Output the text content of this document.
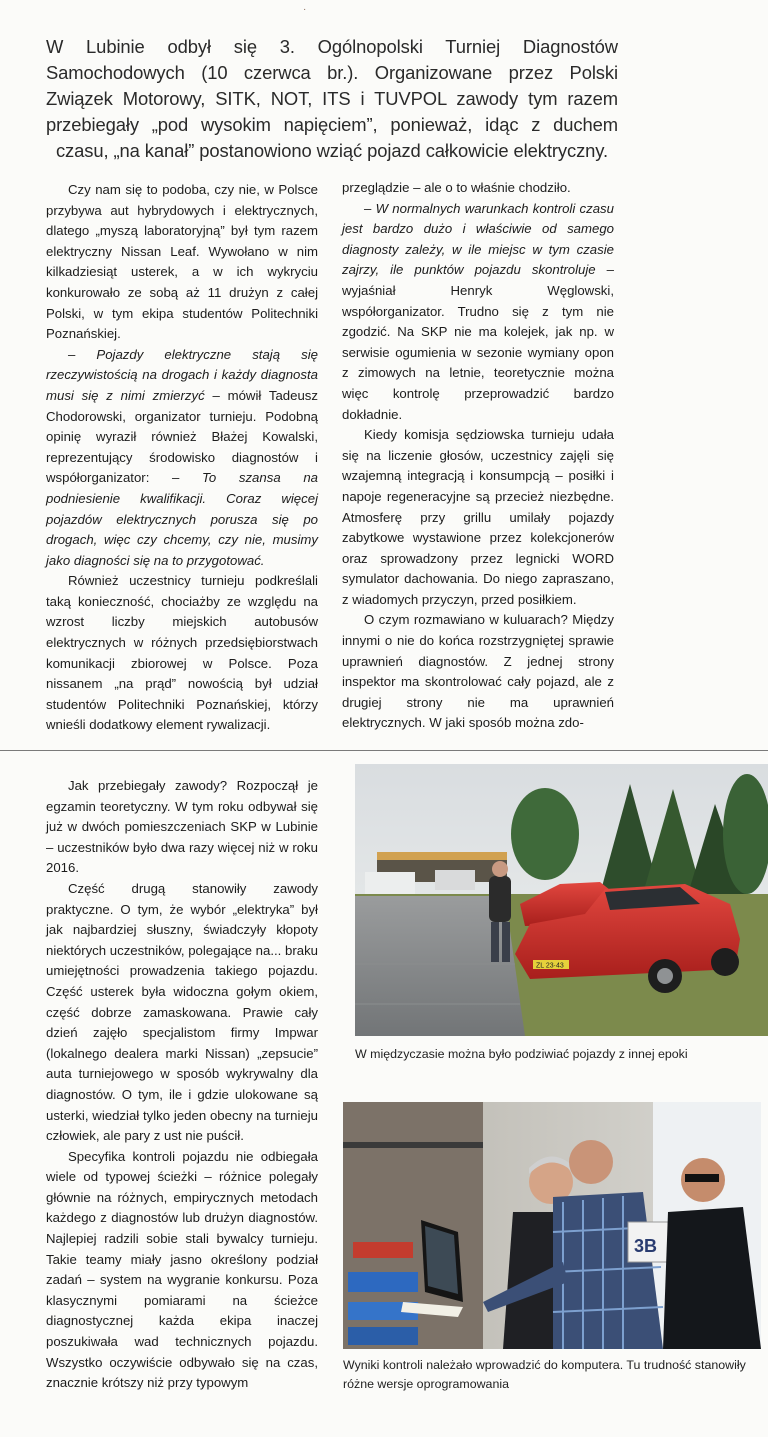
·
W Lubinie odbył się 3. Ogólnopolski Turniej Diagnostów Samochodowych (10 czerwca br.). Organizowane przez Polski Związek Motorowy, SITK, NOT, ITS i TUVPOL zawody tym razem przebiegały „pod wysokim napięciem”, ponieważ, idąc z duchem czasu, „na kanał” postanowiono wziąć pojazd całkowicie elektryczny.

Czy nam się to podoba, czy nie, w Polsce przybywa aut hybrydowych i elektrycznych, dlatego „myszą laboratoryjną” był tym razem elektryczny Nissan Leaf. Wywołano w nim kilkadziesiąt usterek, a w ich wykryciu konkurowało ze sobą aż 11 drużyn z całej Polski, w tym ekipa studentów Politechniki Poznańskiej.

– Pojazdy elektryczne stają się rzeczywistością na drogach i każdy diagnosta musi się z nimi zmierzyć – mówił Tadeusz Chodorowski, organizator turnieju. Podobną opinię wyraził również Błażej Kowalski, reprezentujący środowisko diagnostów i współorganizator: – To szansa na podniesienie kwalifikacji. Coraz więcej pojazdów elektrycznych porusza się po drogach, więc czy chcemy, czy nie, musimy jako diagności się na to przygotować.

Również uczestnicy turnieju podkreślali taką konieczność, chociażby ze względu na wzrost liczby miejskich autobusów elektrycznych w różnych przedsiębiorstwach komunikacji zbiorowej w Polsce. Poza nissanem „na prąd” nowością był udział studentów Politechniki Poznańskiej, którzy wnieśli dodatkowy element rywalizacji.

przeglądzie – ale o to właśnie chodziło.

– W normalnych warunkach kontroli czasu jest bardzo dużo i właściwie od samego diagnosty zależy, w ile miejsc w tym czasie zajrzy, ile punktów pojazdu skontroluje – wyjaśniał Henryk Węglowski, współorganizator. Trudno się z tym nie zgodzić. Na SKP nie ma kolejek, jak np. w serwisie ogumienia w sezonie wymiany opon z zimowych na letnie, teoretycznie można więc kontrolę przeprowadzić bardzo dokładnie.

Kiedy komisja sędziowska turnieju udała się na liczenie głosów, uczestnicy zajęli się wzajemną integracją i konsumpcją – posiłki i napoje regeneracyjne są przecież niezbędne. Atmosferę przy grillu umilały pojazdy zabytkowe wystawione przez kolekcjonerów oraz sprowadzony przez legnicki WORD symulator dachowania. Do niego zapraszano, z wiadomych przyczyn, przed posiłkiem.

O czym rozmawiano w kuluarach? Między innymi o nie do końca rozstrzygniętej sprawie uprawnień diagnostów. Z jednej strony inspektor ma skontrolować cały pojazd, ale z drugiej strony nie ma uprawnień elektrycznych. W jaki sposób można zdo-

Jak przebiegały zawody? Rozpoczął je egzamin teoretyczny. W tym roku odbywał się już w dwóch pomieszczeniach SKP w Lubinie – uczestników było dwa razy więcej niż w roku 2016.

Część drugą stanowiły zawody praktyczne. O tym, że wybór „elektryka” był jak najbardziej słuszny, świadczyły kłopoty niektórych uczestników, polegające na... braku umiejętności prowadzenia takiego pojazdu. Część usterek była widoczna gołym okiem, część dobrze zamaskowana. Prawie cały dzień zajęło specjalistom firmy Impwar (lokalnego dealera marki Nissan) „zepsucie” auta turniejowego w sposób wykrywalny dla diagnostów. O tym, ile i gdzie ulokowane są usterki, wiedział tylko jeden obecny na turnieju człowiek, ale pary z ust nie puścił.

Specyfika kontroli pojazdu nie odbiegała wiele od typowej ścieżki – różnice polegały głównie na różnych, empirycznych metodach każdego z diagnostów lub drużyn diagnostów. Najlepiej radzili sobie stali bywalcy turnieju. Takie teamy miały jasno określony podział zadań – system na wygranie konkursu. Poza klasycznymi pomiarami na ścieżce diagnostycznej każda ekipa inaczej poszukiwała wad technicznych pojazdu. Wszystko oczywiście odbywało się na czas, znacznie krótszy niż przy typowym

ZL 23·43
W międzyczasie można było podziwiać pojazdy z innej epoki
3B
Wyniki kontroli należało wprowadzić do komputera. Tu trudność stanowiły różne wersje oprogramowania
